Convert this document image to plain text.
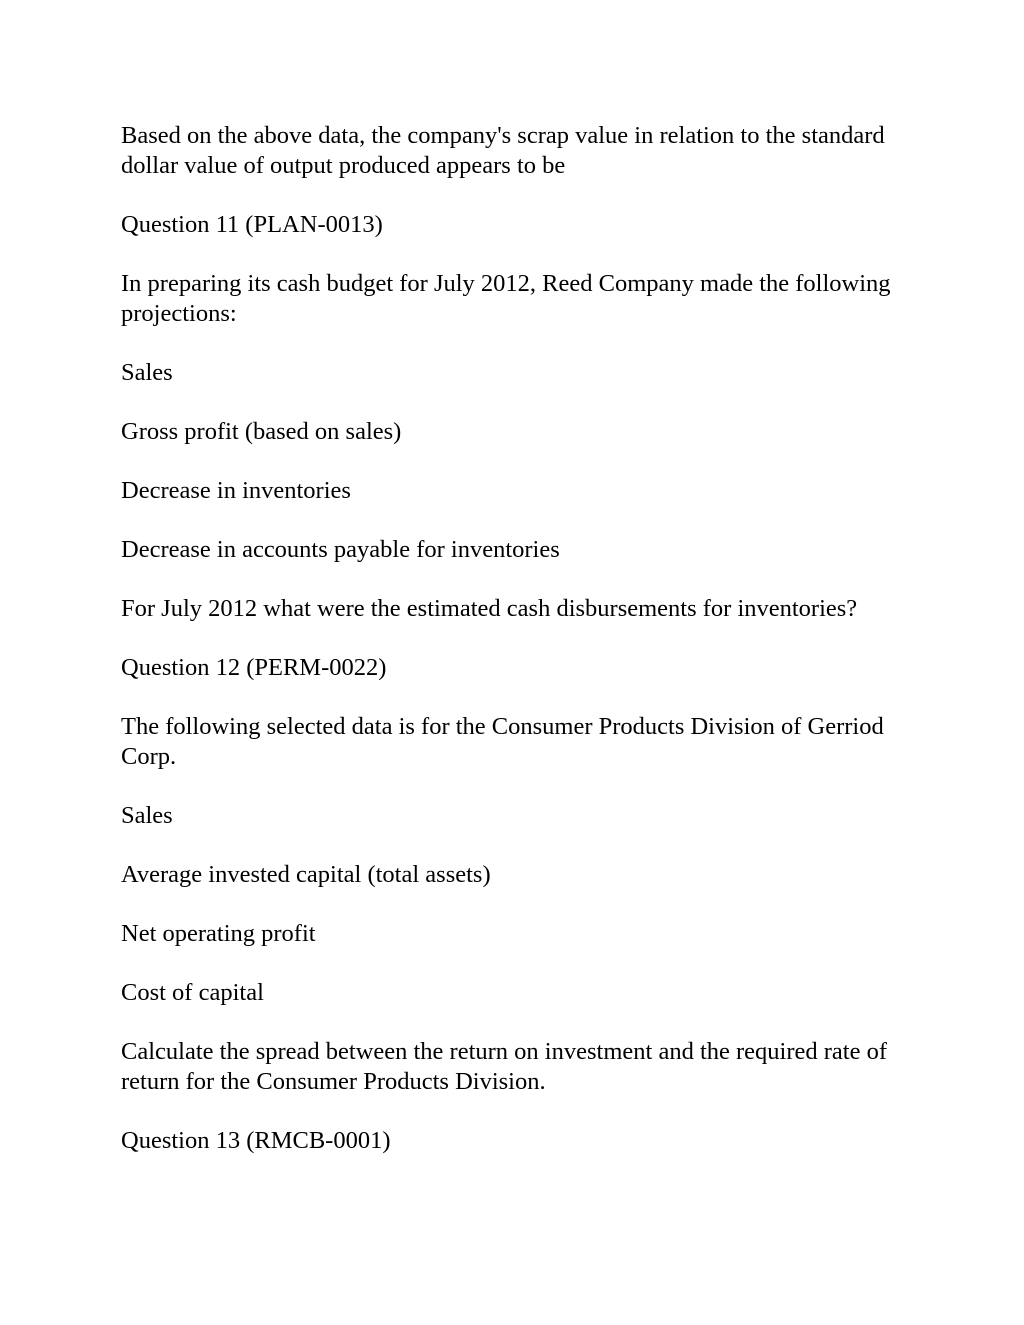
Based on the above data, the company's scrap value in relation to the standard dollar value of output produced appears to be

Question 11 (PLAN-0013)

In preparing its cash budget for July 2012, Reed Company made the following projections:

Sales

Gross profit (based on sales)

Decrease in inventories

Decrease in accounts payable for inventories

For July 2012 what were the estimated cash disbursements for inventories?

Question 12 (PERM-0022)

The following selected data is for the Consumer Products Division of Gerriod Corp.

Sales

Average invested capital (total assets)

Net operating profit

Cost of capital

Calculate the spread between the return on investment and the required rate of return for the Consumer Products Division.

Question 13 (RMCB-0001)
